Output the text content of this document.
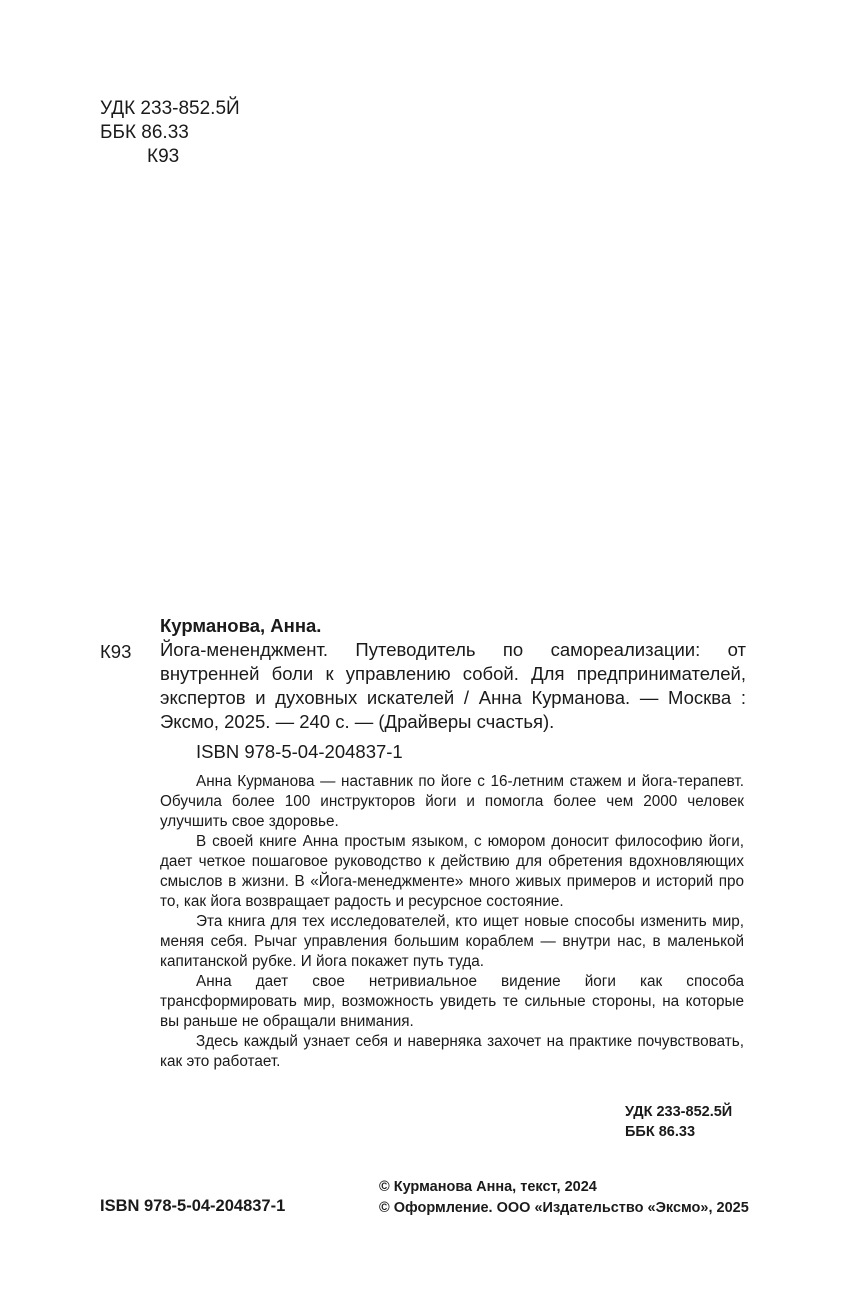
УДК 233-852.5Й
ББК 86.33
К93
Курманова, Анна.
К93 Йога-мененджмент. Путеводитель по самореализации: от внутренней боли к управлению собой. Для предпринимателей, экспертов и духовных искателей / Анна Курманова. — Москва : Эксмо, 2025. — 240 с. — (Драйверы счастья).
ISBN 978-5-04-204837-1

Анна Курманова — наставник по йоге с 16-летним стажем и йога-терапевт. Обучила более 100 инструкторов йоги и помогла более чем 2000 человек улучшить свое здоровье.

В своей книге Анна простым языком, с юмором доносит философию йоги, дает четкое пошаговое руководство к действию для обретения вдохновляющих смыслов в жизни. В «Йога-менеджменте» много живых примеров и историй про то, как йога возвращает радость и ресурсное состояние.

Эта книга для тех исследователей, кто ищет новые способы изменить мир, меняя себя. Рычаг управления большим кораблем — внутри нас, в маленькой капитанской рубке. И йога покажет путь туда.

Анна дает свое нетривиальное видение йоги как способа трансформировать мир, возможность увидеть те сильные стороны, на которые вы раньше не обращали внимания.

Здесь каждый узнает себя и наверняка захочет на практике почувствовать, как это работает.

УДК 233-852.5Й
ББК 86.33
© Курманова Анна, текст, 2024
© Оформление. ООО «Издательство «Эксмо», 2025
ISBN 978-5-04-204837-1
